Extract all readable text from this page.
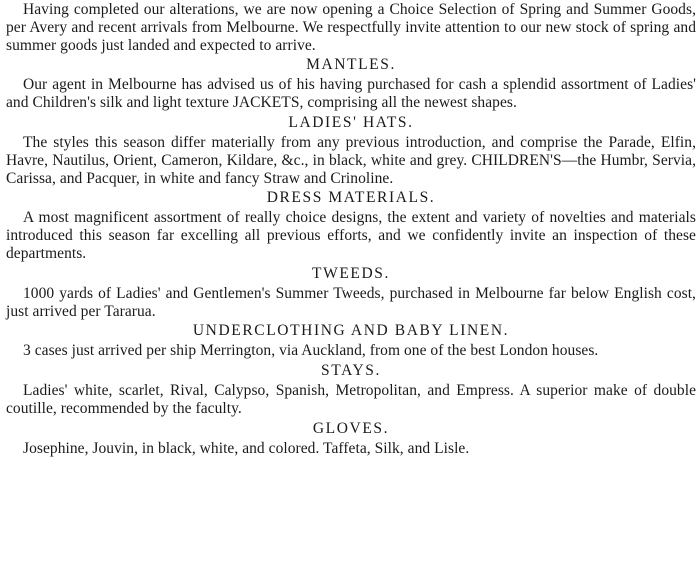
Having completed our alterations, we are now opening a Choice Selection of Spring and Summer Goods, per Avery and recent arrivals from Melbourne. We respectfully invite attention to our new stock of spring and summer goods just landed and expected to arrive.

MANTLES.

Our agent in Melbourne has advised us of his having purchased for cash a splendid assortment of Ladies' and Children's silk and light texture JACKETS, comprising all the newest shapes.

LADIES' HATS.

The styles this season differ materially from any previous introduction, and comprise the Parade, Elfin, Havre, Nautilus, Orient, Cameron, Kildare, &c., in black, white and grey. CHILDREN'S—the Humbr, Servia, Carissa, and Pacquer, in white and fancy Straw and Crinoline.

DRESS MATERIALS.

A most magnificent assortment of really choice designs, the extent and variety of novelties and materials introduced this season far excelling all previous efforts, and we confidently invite an inspection of these departments.

TWEEDS.

1000 yards of Ladies' and Gentlemen's Summer Tweeds, purchased in Melbourne far below English cost, just arrived per Tararua.

UNDERCLOTHING AND BABY LINEN.

3 cases just arrived per ship Merrington, via Auckland, from one of the best London houses.

STAYS.

Ladies' white, scarlet, Rival, Calypso, Spanish, Metropolitan, and Empress. A superior make of double coutille, recommended by the faculty.

GLOVES.

Josephine, Jouvin, in black, white, and colored. Taffeta, Silk, and Lisle.
